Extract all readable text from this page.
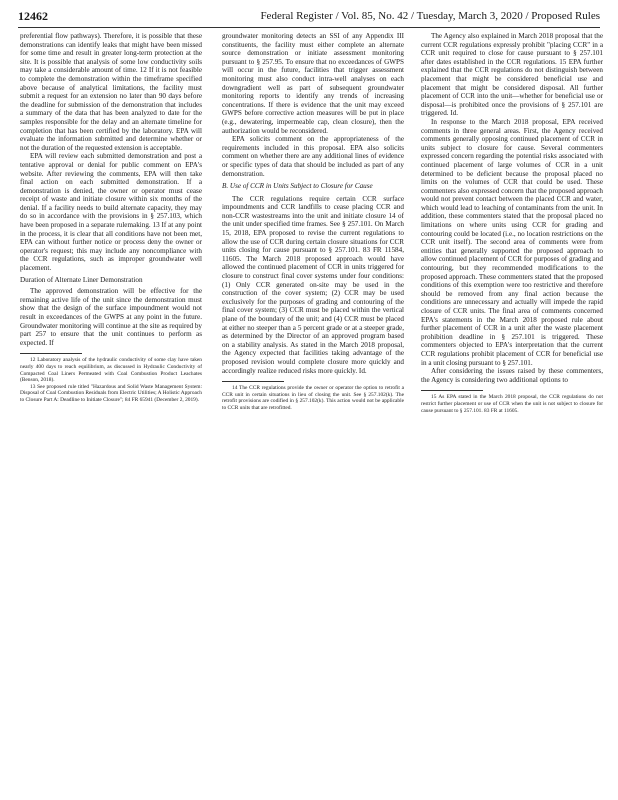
12462	Federal Register / Vol. 85, No. 42 / Tuesday, March 3, 2020 / Proposed Rules

preferential flow pathways). Therefore, it is possible that these demonstrations can identify leaks that might have been missed for some time and result in greater long-term protection at the site. It is possible that analysis of some low conductivity soils may take a considerable amount of time. 12 If it is not feasible to complete the demonstration within the timeframe specified above because of analytical limitations, the facility must submit a request for an extension no later than 90 days before the deadline for submission of the demonstration that includes a summary of the data that has been analyzed to date for the samples responsible for the delay and an alternate timeline for completion that has been certified by the laboratory. EPA will evaluate the information submitted and determine whether or not the duration of the requested extension is acceptable.

EPA will review each submitted demonstration and post a tentative approval or denial for public comment on EPA's website. After reviewing the comments, EPA will then take final action on each submitted demonstration. If a demonstration is denied, the owner or operator must cease receipt of waste and initiate closure within six months of the denial. If a facility needs to build alternate capacity, they may do so in accordance with the provisions in § 257.103, which have been proposed in a separate rulemaking. 13 If at any point in the process, it is clear that all conditions have not been met, EPA can without further notice or process deny the owner or operator's request; this may include any noncompliance with the CCR regulations, such as improper groundwater well placement.

Duration of Alternate Liner Demonstration

The approved demonstration will be effective for the remaining active life of the unit since the demonstration must show that the design of the surface impoundment would not result in exceedances of the GWPS at any point in the future. Groundwater monitoring will continue at the site as required by part 257 to ensure that the unit continues to perform as expected. If

12 Laboratory analysis of the hydraulic conductivity of some clay have taken nearly 400 days to reach equilibrium, as discussed in Hydraulic Conductivity of Compacted Coal Liners Permeated with Coal Combustion Product Leachates (Benson, 2018).

13 See proposed rule titled "Hazardous and Solid Waste Management System: Disposal of Coal Combustion Residuals from Electric Utilities; A Holistic Approach to Closure Part A: Deadline to Initiate Closure"; 84 FR 65941 (December 2, 2019).

groundwater monitoring detects an SSI of any Appendix III constituents, the facility must either complete an alternate source demonstration or initiate assessment monitoring pursuant to § 257.95. To ensure that no exceedances of GWPS will occur in the future, facilities that trigger assessment monitoring must also conduct intra-well analyses on each downgradient well as part of subsequent groundwater monitoring reports to identify any trends of increasing concentrations. If there is evidence that the unit may exceed GWPS before corrective action measures will be put in place (e.g., dewatering, impermeable cap, clean closure), then the authorization would be reconsidered.

EPA solicits comment on the appropriateness of the requirements included in this proposal. EPA also solicits comment on whether there are any additional lines of evidence or specific types of data that should be included as part of any demonstration.

B. Use of CCR in Units Subject to Closure for Cause

The CCR regulations require certain CCR surface impoundments and CCR landfills to cease placing CCR and non-CCR wastestreams into the unit and initiate closure 14 of the unit under specified time frames. See § 257.101. On March 15, 2018, EPA proposed to revise the current regulations to allow the use of CCR during certain closure situations for CCR units closing for cause pursuant to § 257.101. 83 FR 11584, 11605. The March 2018 proposed approach would have allowed the continued placement of CCR in units triggered for closure to construct final cover systems under four conditions: (1) Only CCR generated on-site may be used in the construction of the cover system; (2) CCR may be used exclusively for the purposes of grading and contouring of the final cover system; (3) CCR must be placed within the vertical plane of the boundary of the unit; and (4) CCR must be placed at either no steeper than a 5 percent grade or at a steeper grade, as determined by the Director of an approved program based on a stability analysis. As stated in the March 2018 proposal, the Agency expected that facilities taking advantage of the proposed revision would complete closure more quickly and accordingly realize reduced risks more quickly. Id.

14 The CCR regulations provide the owner or operator the option to retrofit a CCR unit in certain situations in lieu of closing the unit. See § 257.102(k). The retrofit provisions are codified in § 257.102(k). This action would not be applicable to CCR units that are retrofitted.

The Agency also explained in March 2018 proposal that the current CCR regulations expressly prohibit "placing CCR" in a CCR unit required to close for cause pursuant to § 257.101 after dates established in the CCR regulations. 15 EPA further explained that the CCR regulations do not distinguish between placement that might be considered beneficial use and placement that might be considered disposal. All further placement of CCR into the unit—whether for beneficial use or disposal—is prohibited once the provisions of § 257.101 are triggered. Id.

In response to the March 2018 proposal, EPA received comments in three general areas. First, the Agency received comments generally opposing continued placement of CCR in units subject to closure for cause. Several commenters expressed concern regarding the potential risks associated with continued placement of large volumes of CCR in a unit determined to be deficient because the proposal placed no limits on the volumes of CCR that could be used. These commenters also expressed concern that the proposed approach would not prevent contact between the placed CCR and water, which would lead to leaching of contaminants from the unit. In addition, these commenters stated that the proposal placed no limitations on where units using CCR for grading and contouring could be located (i.e., no location restrictions on the CCR unit itself). The second area of comments were from entities that generally supported the proposed approach to allow continued placement of CCR for purposes of grading and contouring, but they recommended modifications to the proposed approach. These commenters stated that the proposed conditions of this exemption were too restrictive and therefore should be removed from any final action because the conditions are unnecessary and actually will impede the rapid closure of CCR units. The final area of comments concerned EPA's statements in the March 2018 proposed rule about further placement of CCR in a unit after the waste placement prohibition deadline in § 257.101 is triggered. These commenters objected to EPA's interpretation that the current CCR regulations prohibit placement of CCR for beneficial use in a unit closing pursuant to § 257.101.

After considering the issues raised by these commenters, the Agency is considering two additional options to

15 As EPA stated in the March 2018 proposal, the CCR regulations do not restrict further placement or use of CCR when the unit is not subject to closure for cause pursuant to § 257.101. 83 FR at 11605.
